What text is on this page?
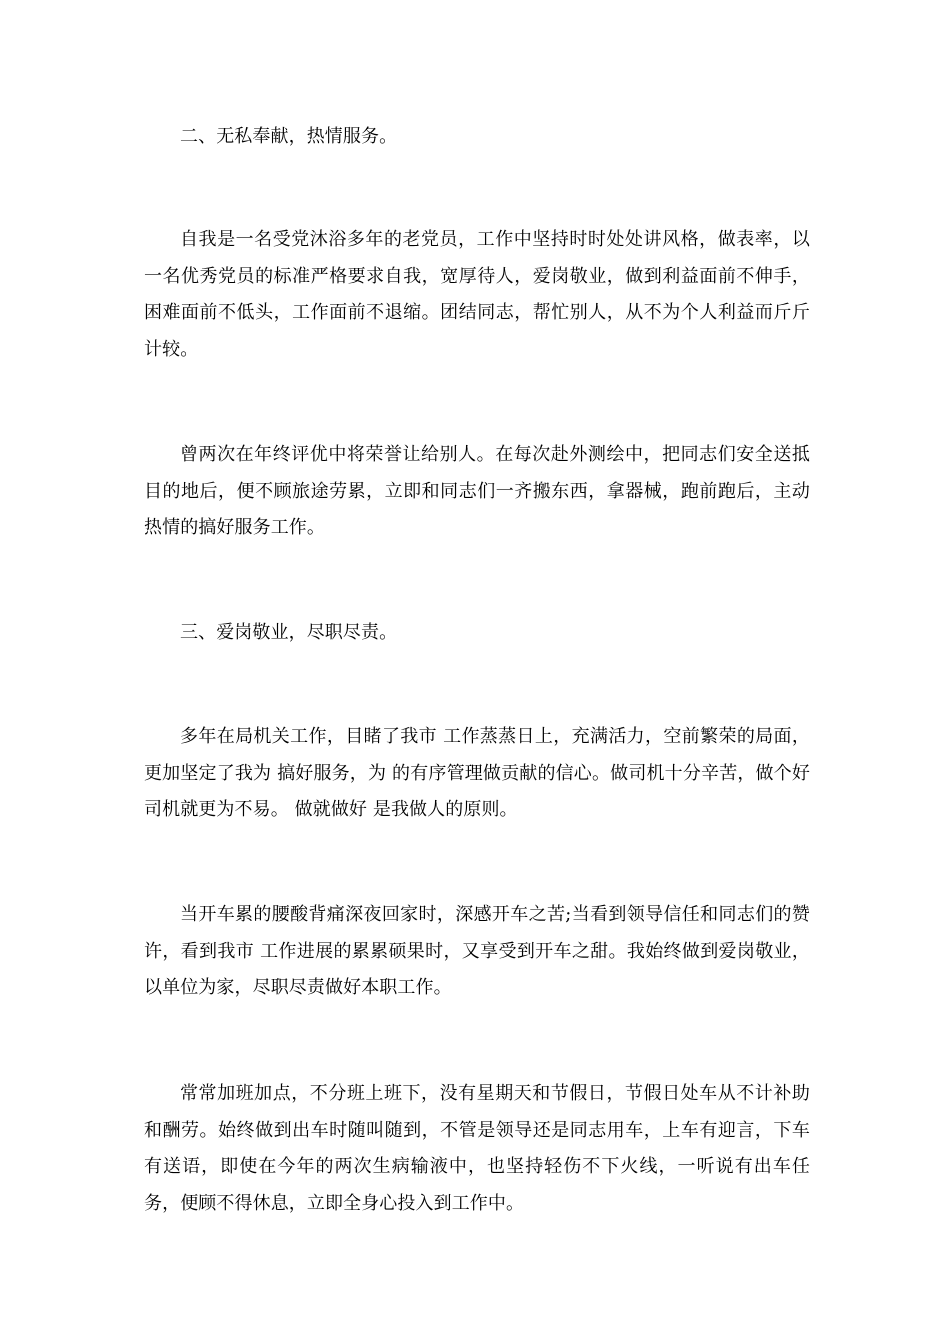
二、无私奉献，热情服务。

自我是一名受党沐浴多年的老党员，工作中坚持时时处处讲风格，做表率，以一名优秀党员的标准严格要求自我，宽厚待人，爱岗敬业，做到利益面前不伸手，困难面前不低头，工作面前不退缩。团结同志，帮忙别人，从不为个人利益而斤斤计较。

曾两次在年终评优中将荣誉让给别人。在每次赴外测绘中，把同志们安全送抵目的地后，便不顾旅途劳累，立即和同志们一齐搬东西，拿器械，跑前跑后，主动热情的搞好服务工作。

三、爱岗敬业，尽职尽责。

多年在局机关工作，目睹了我市 工作蒸蒸日上，充满活力，空前繁荣的局面，更加坚定了我为 搞好服务，为 的有序管理做贡献的信心。做司机十分辛苦，做个好司机就更为不易。 做就做好 是我做人的原则。

当开车累的腰酸背痛深夜回家时，深感开车之苦;当看到领导信任和同志们的赞许，看到我市 工作进展的累累硕果时，又享受到开车之甜。我始终做到爱岗敬业，以单位为家，尽职尽责做好本职工作。

常常加班加点，不分班上班下，没有星期天和节假日，节假日处车从不计补助和酬劳。始终做到出车时随叫随到，不管是领导还是同志用车，上车有迎言，下车有送语，即使在今年的两次生病输液中，也坚持轻伤不下火线，一听说有出车任务，便顾不得休息，立即全身心投入到工作中。
